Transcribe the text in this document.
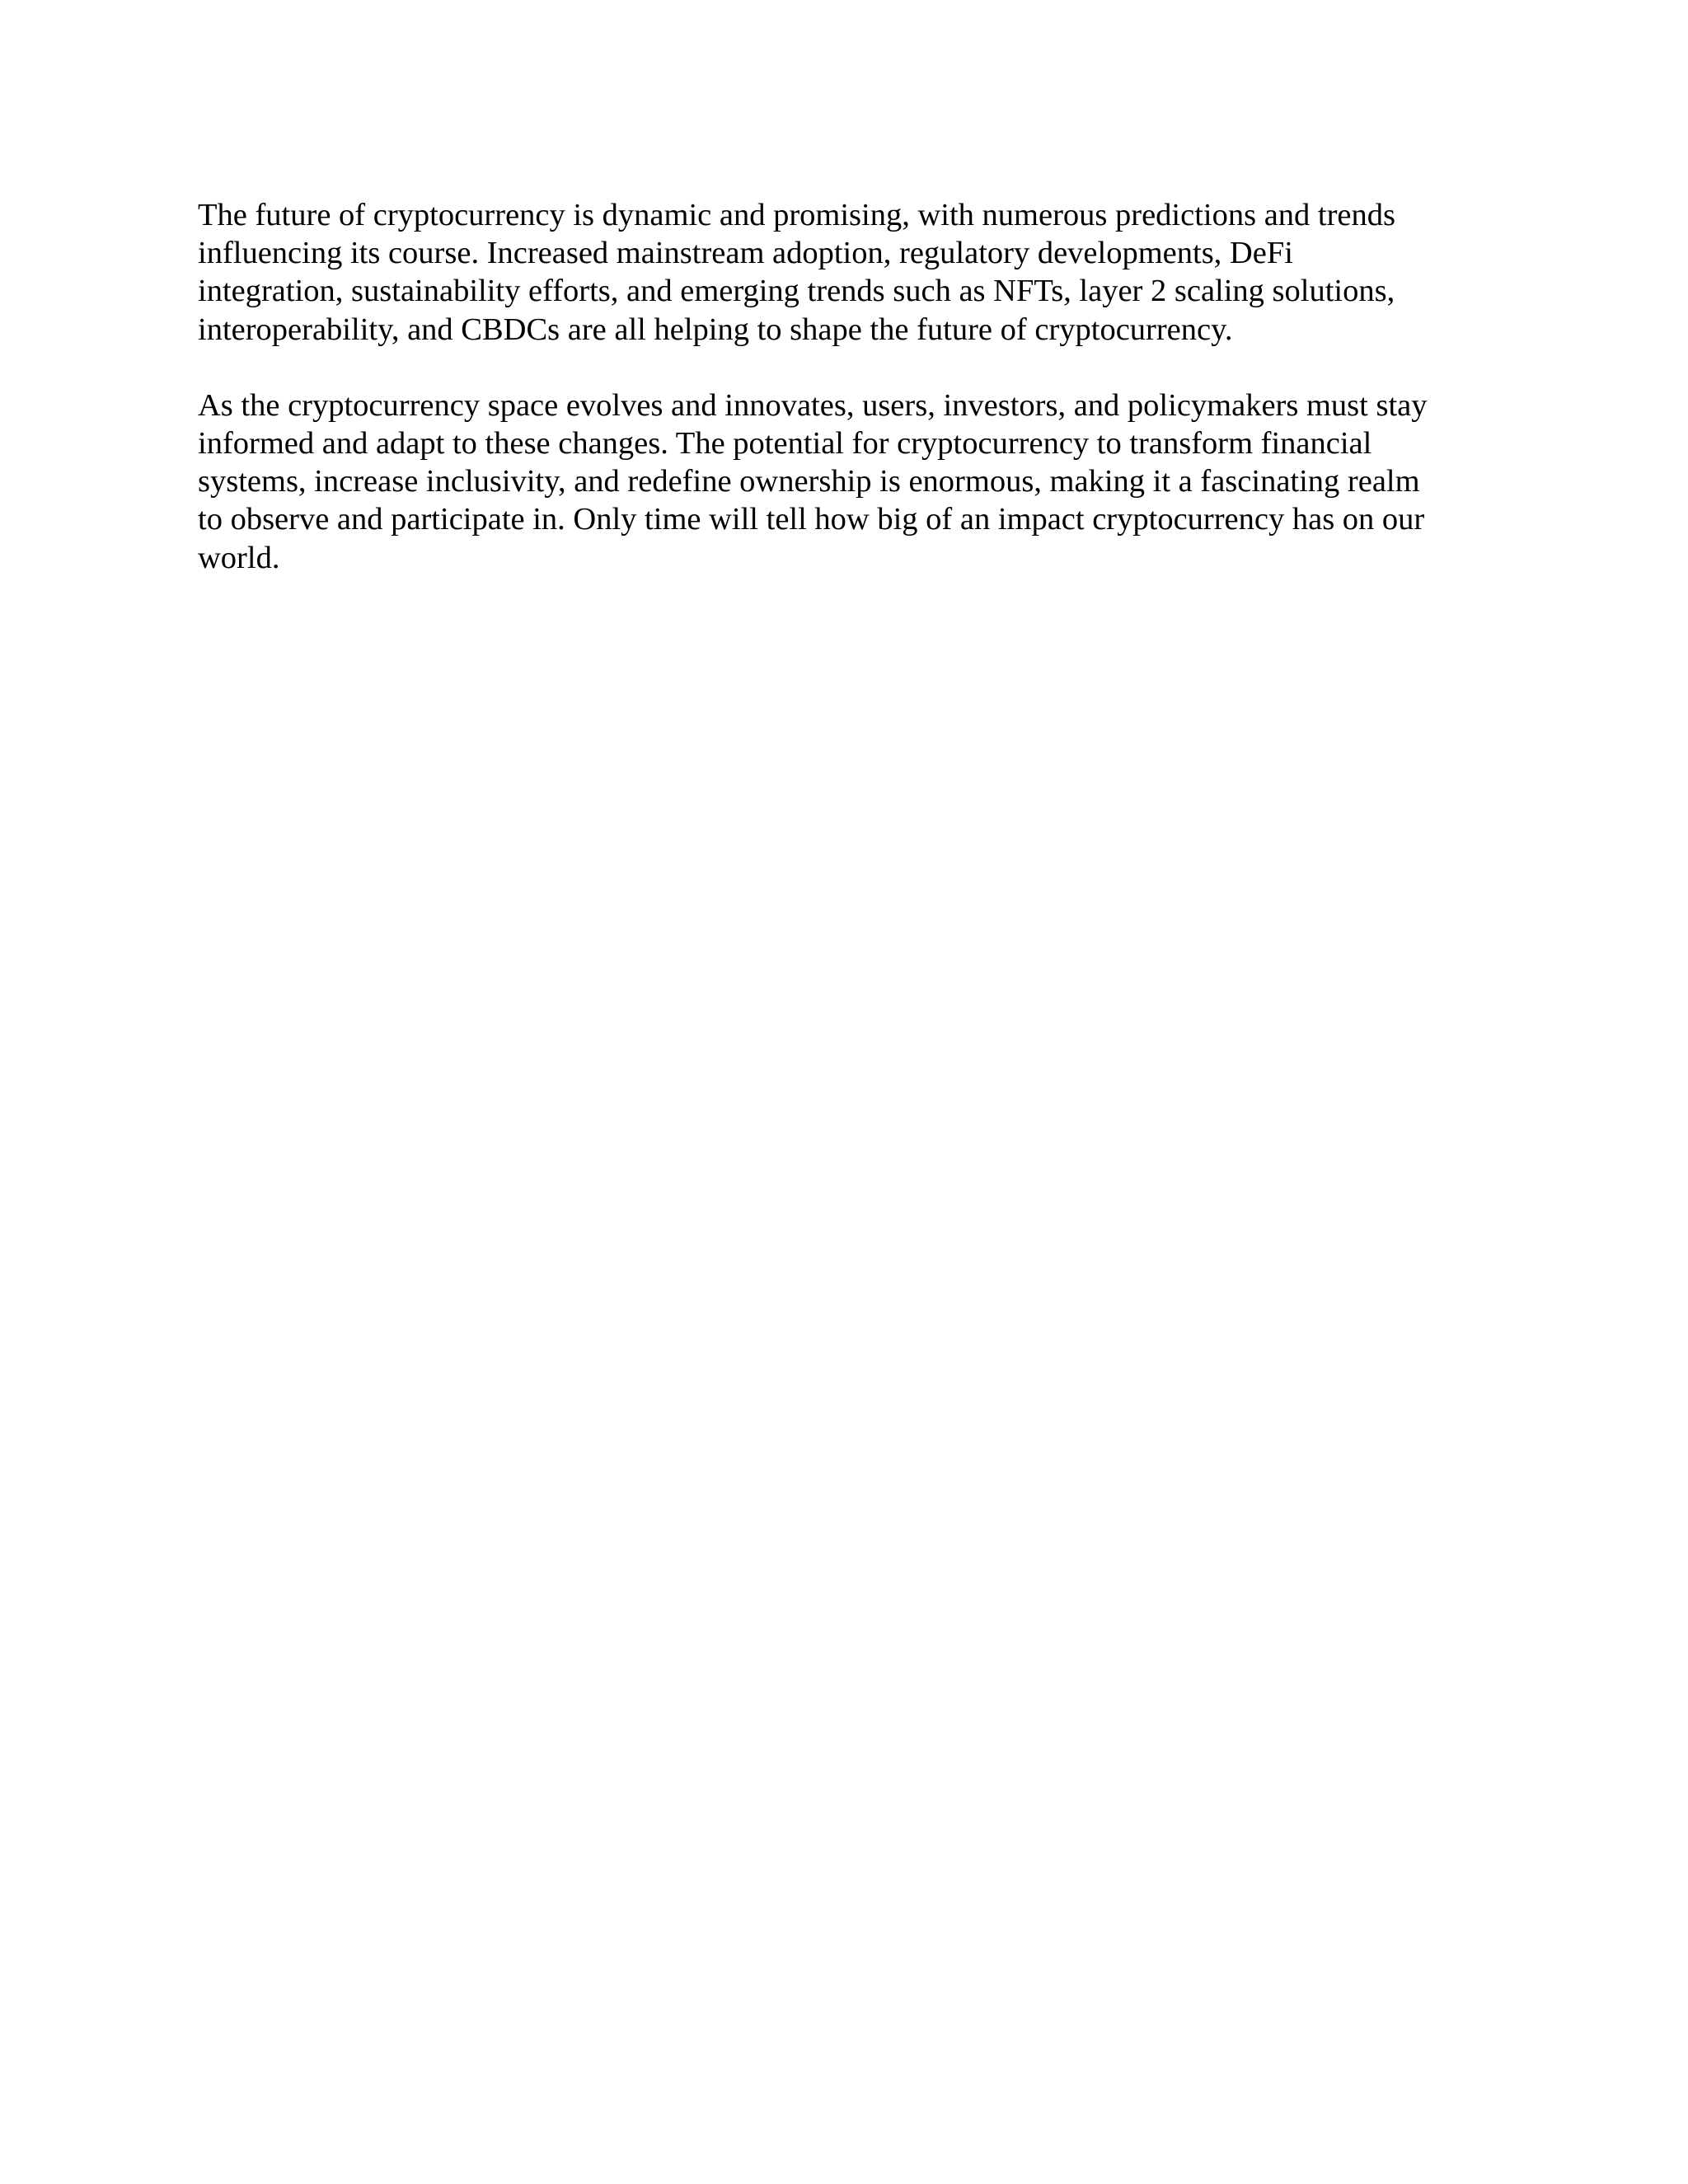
The future of cryptocurrency is dynamic and promising, with numerous predictions and trends
influencing its course. Increased mainstream adoption, regulatory developments, DeFi
integration, sustainability efforts, and emerging trends such as NFTs, layer 2 scaling solutions,
interoperability, and CBDCs are all helping to shape the future of cryptocurrency.

As the cryptocurrency space evolves and innovates, users, investors, and policymakers must stay
informed and adapt to these changes. The potential for cryptocurrency to transform financial
systems, increase inclusivity, and redefine ownership is enormous, making it a fascinating realm
to observe and participate in. Only time will tell how big of an impact cryptocurrency has on our
world.
